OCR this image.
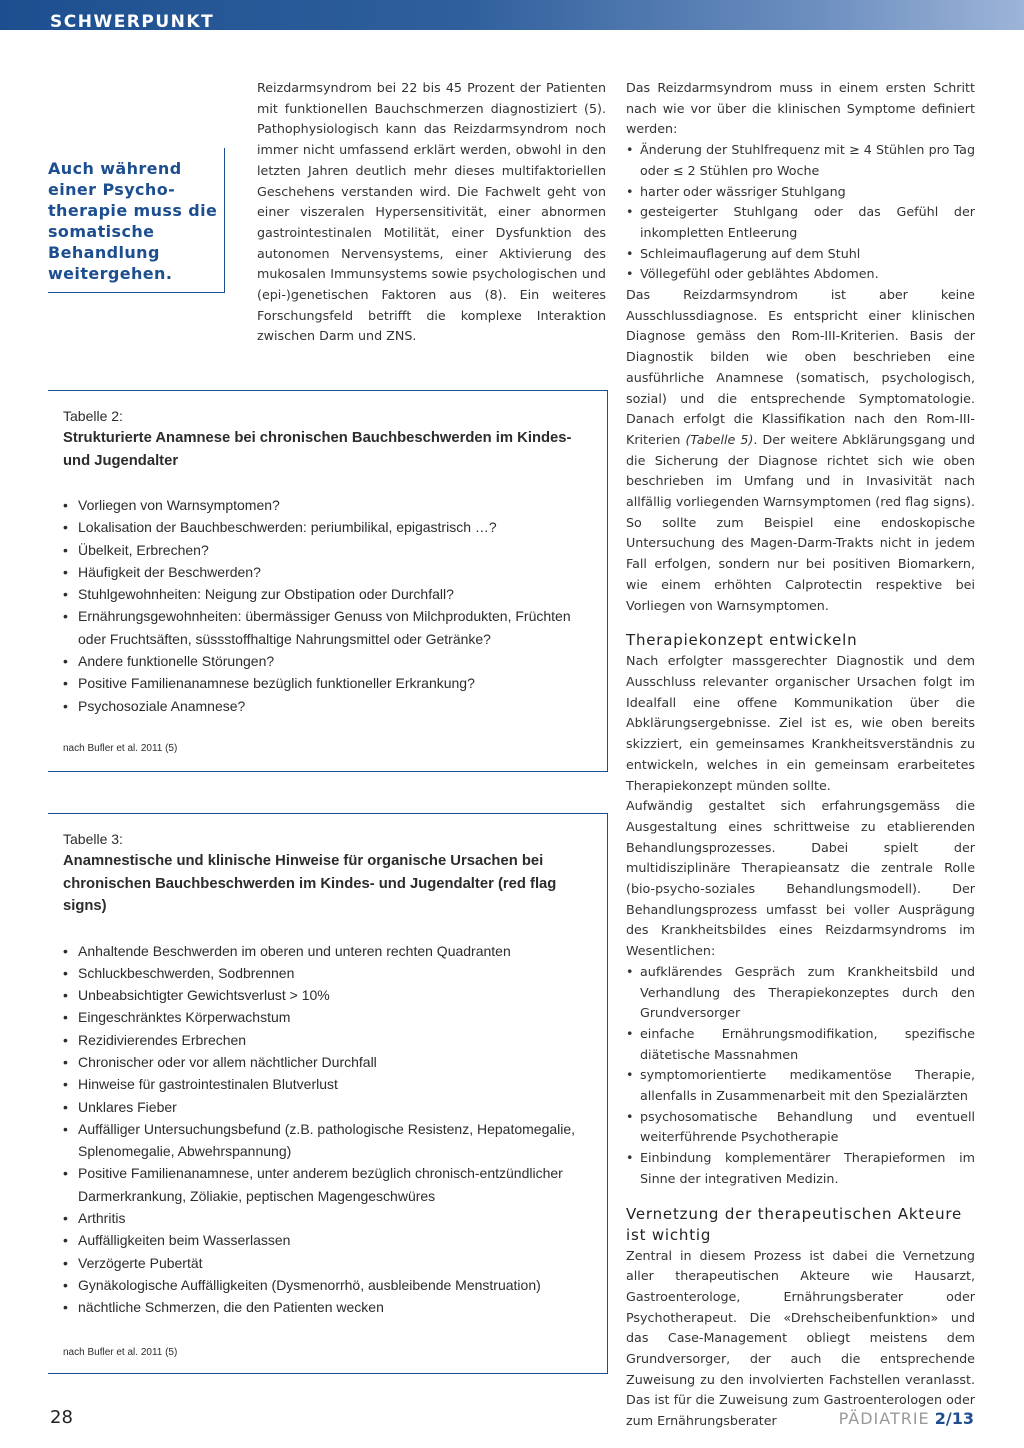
SCHWERPUNKT
Auch während einer Psychotherapie muss die somatische Behandlung weitergehen.

Reizdarmsyndrom bei 22 bis 45 Prozent der Patienten mit funktionellen Bauchschmerzen diagnostiziert (5). Pathophysiologisch kann das Reizdarmsyndrom noch immer nicht umfassend erklärt werden, obwohl in den letzten Jahren deutlich mehr dieses multifaktoriellen Geschehens verstanden wird. Die Fachwelt geht von einer viszeralen Hypersensitivität, einer abnormen gastrointestinalen Motilität, einer Dysfunktion des autonomen Nervensystems, einer Aktivierung des mukosalen Immunsystems sowie psychologischen und (epi-)genetischen Faktoren aus (8). Ein weiteres Forschungsfeld betrifft die komplexe Interaktion zwischen Darm und ZNS.

Tabelle 2:
Strukturierte Anamnese bei chronischen Bauchbeschwerden im Kindes- und Jugendalter
• Vorliegen von Warnsymptomen?
• Lokalisation der Bauchbeschwerden: periumbilikal, epigastrisch …?
• Übelkeit, Erbrechen?
• Häufigkeit der Beschwerden?
• Stuhlgewohnheiten: Neigung zur Obstipation oder Durchfall?
• Ernährungsgewohnheiten: übermässiger Genuss von Milchprodukten, Früchten oder Fruchtsäften, süssstoffhaltige Nahrungsmittel oder Getränke?
• Andere funktionelle Störungen?
• Positive Familienanamnese bezüglich funktioneller Erkrankung?
• Psychosoziale Anamnese?
nach Bufler et al. 2011 (5)
Tabelle 3:
Anamnestische und klinische Hinweise für organische Ursachen bei chronischen Bauchbeschwerden im Kindes- und Jugendalter (red flag signs)
• Anhaltende Beschwerden im oberen und unteren rechten Quadranten
• Schluckbeschwerden, Sodbrennen
• Unbeabsichtigter Gewichtsverlust > 10%
• Eingeschränktes Körperwachstum
• Rezidivierendes Erbrechen
• Chronischer oder vor allem nächtlicher Durchfall
• Hinweise für gastrointestinalen Blutverlust
• Unklares Fieber
• Auffälliger Untersuchungsbefund (z.B. pathologische Resistenz, Hepatomegalie, Splenomegalie, Abwehrspannung)
• Positive Familienanamnese, unter anderem bezüglich chronisch-entzündlicher Darmerkrankung, Zöliakie, peptischen Magengeschwüres
• Arthritis
• Auffälligkeiten beim Wasserlassen
• Verzögerte Pubertät
• Gynäkologische Auffälligkeiten (Dysmenorrhö, ausbleibende Menstruation)
• nächtliche Schmerzen, die den Patienten wecken
nach Bufler et al. 2011 (5)

Das Reizdarmsyndrom muss in einem ersten Schritt nach wie vor über die klinischen Symptome definiert werden:

• Änderung der Stuhlfrequenz mit ≥ 4 Stühlen pro Tag oder ≤ 2 Stühlen pro Woche
• harter oder wässriger Stuhlgang
• gesteigerter Stuhlgang oder das Gefühl der inkompletten Entleerung
• Schleimauflagerung auf dem Stuhl
• Völlegefühl oder geblähtes Abdomen.

Das Reizdarmsyndrom ist aber keine Ausschlussdiagnose. Es entspricht einer klinischen Diagnose gemäss den Rom-III-Kriterien. Basis der Diagnostik bilden wie oben beschrieben eine ausführliche Anamnese (somatisch, psychologisch, sozial) und die entsprechende Symptomatologie. Danach erfolgt die Klassifikation nach den Rom-III-Kriterien (Tabelle 5). Der weitere Abklärungsgang und die Sicherung der Diagnose richtet sich wie oben beschrieben im Umfang und in Invasivität nach allfällig vorliegenden Warnsymptomen (red flag signs). So sollte zum Beispiel eine endoskopische Untersuchung des Magen-Darm-Trakts nicht in jedem Fall erfolgen, sondern nur bei positiven Biomarkern, wie einem erhöhten Calprotectin respektive bei Vorliegen von Warnsymptomen.

Therapiekonzept entwickeln

Nach erfolgter massgerechter Diagnostik und dem Ausschluss relevanter organischer Ursachen folgt im Idealfall eine offene Kommunikation über die Abklärungsergebnisse. Ziel ist es, wie oben bereits skizziert, ein gemeinsames Krankheitsverständnis zu entwickeln, welches in ein gemeinsam erarbeitetes Therapiekonzept münden sollte.

Aufwändig gestaltet sich erfahrungsgemäss die Ausgestaltung eines schrittweise zu etablierenden Behandlungsprozesses. Dabei spielt der multidisziplinäre Therapieansatz die zentrale Rolle (bio-psycho-soziales Behandlungsmodell). Der Behandlungsprozess umfasst bei voller Ausprägung des Krankheitsbildes eines Reizdarmsyndroms im Wesentlichen:

• aufklärendes Gespräch zum Krankheitsbild und Verhandlung des Therapiekonzeptes durch den Grundversorger
• einfache Ernährungsmodifikation, spezifische diätetische Massnahmen
• symptomorientierte medikamentöse Therapie, allenfalls in Zusammenarbeit mit den Spezialärzten
• psychosomatische Behandlung und eventuell weiterführende Psychotherapie
• Einbindung komplementärer Therapieformen im Sinne der integrativen Medizin.
Vernetzung der therapeutischen Akteure ist wichtig

Zentral in diesem Prozess ist dabei die Vernetzung aller therapeutischen Akteure wie Hausarzt, Gastroenterologe, Ernährungsberater oder Psychotherapeut. Die «Drehscheibenfunktion» und das Case-Management obliegt meistens dem Grundversorger, der auch die entsprechende Zuweisung zu den involvierten Fachstellen veranlasst. Das ist für die Zuweisung zum Gastroenterologen oder zum Ernährungsberater

28	PÄDIATRIE 2/13
